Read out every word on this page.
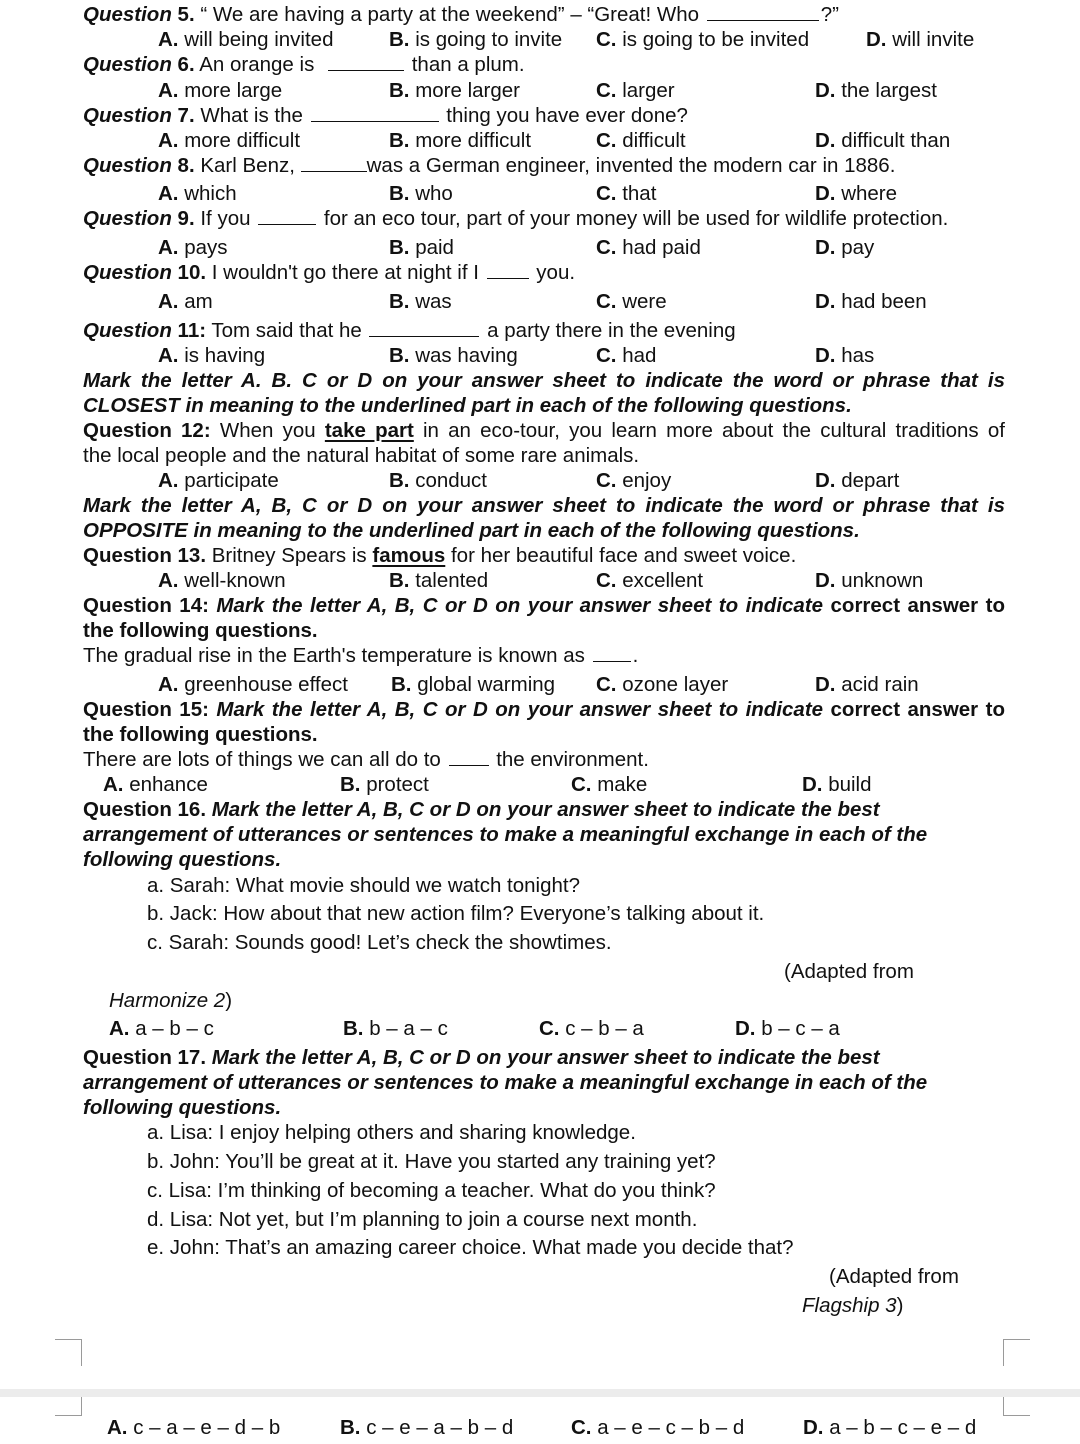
Question 5. “ We are having a party at the weekend” – “Great! Who	?”
A. will being invited	B. is going to invite C. is going to be invited	D. will invite
Question 6. An orange is	than a plum.
A. more large	B. more larger	C. larger	D. the largest
Question 7. What is the	thing you have ever done?
A. more difficult	B. more difficult	C. difficult	D. difficult than
Question 8. Karl Benz,	was a German engineer, invented the modern car in 1886.
A. which	B. who	C. that	D. where
Question 9. If you	for an eco tour, part of your money will be used for wildlife protection.
A. pays	B. paid	C. had paid	D. pay
Question 10. I wouldn't go there at night if I  you.
A. am	B. was	C. were	D. had been
Question 11: Tom said that he	a party there in the evening
A. is having	B. was having	C. had	D. has
Mark the letter A. B. C or D on your answer sheet to indicate the word or phrase that is
CLOSEST in meaning to the underlined part in each of the following questions.
Question 12: When you take part in an eco-tour, you learn more about the cultural traditions of
the local people and the natural habitat of some rare animals.
A. participate	B. conduct	C. enjoy	D. depart
Mark the letter A, B, C or D on your answer sheet to indicate the word or phrase that is
OPPOSITE in meaning to the underlined part in each of the following questions.
Question 13. Britney Spears is famous for her beautiful face and sweet voice.
A. well-known	B. talented	C. excellent	D. unknown
Question 14: Mark the letter A, B, C or D on your answer sheet to indicate correct answer to
the following questions.
The gradual rise in the Earth's temperature is known as .
A. greenhouse effect B. global warming C. ozone layer	D. acid rain
Question 15: Mark the letter A, B, C or D on your answer sheet to indicate correct answer to
the following questions.
There are lots of things we can all do to  the environment.
A. enhance	B. protect	C. make	D. build
Question 16. Mark the letter A, B, C or D on your answer sheet to indicate the best
arrangement of utterances or sentences to make a meaningful exchange in each of the
following questions.
a. Sarah: What movie should we watch tonight?
b. Jack: How about that new action film? Everyone’s talking about it.
c. Sarah: Sounds good! Let’s check the showtimes.
(Adapted from
Harmonize 2)
A. a – b – c	B. b – a – c	C. c – b – a	D. b – c – a
Question 17. Mark the letter A, B, C or D on your answer sheet to indicate the best
arrangement of utterances or sentences to make a meaningful exchange in each of the
following questions.
a. Lisa: I enjoy helping others and sharing knowledge.
b. John: You’ll be great at it. Have you started any training yet?
c. Lisa: I’m thinking of becoming a teacher. What do you think?
d. Lisa: Not yet, but I’m planning to join a course next month.
e. John: That’s an amazing career choice. What made you decide that?
(Adapted from
Flagship 3)
A. c – a – e – d – b	B. c – e – a – b – d	C. a – e – c – b – d	D. a – b – c – e – d
